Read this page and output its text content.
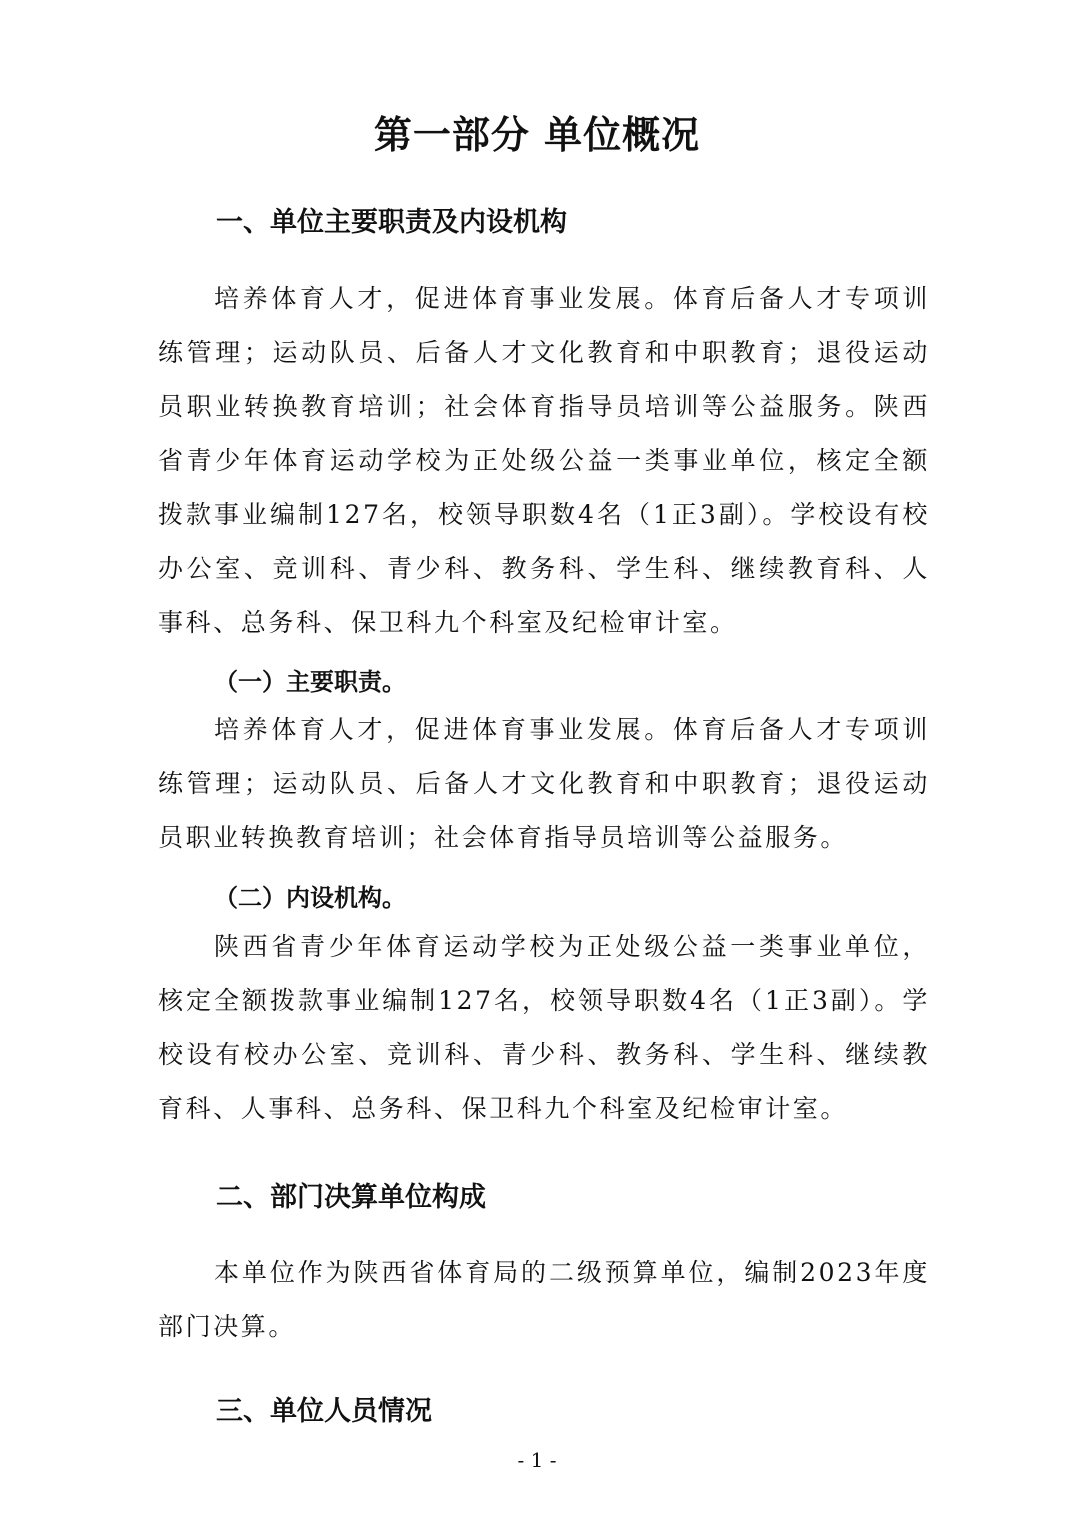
第一部分 单位概况
一、单位主要职责及内设机构

培养体育人才，促进体育事业发展。体育后备人才专项训练管理；运动队员、后备人才文化教育和中职教育；退役运动员职业转换教育培训；社会体育指导员培训等公益服务。陕西省青少年体育运动学校为正处级公益一类事业单位，核定全额拨款事业编制127名，校领导职数4名（1正3副）。学校设有校办公室、竞训科、青少科、教务科、学生科、继续教育科、人事科、总务科、保卫科九个科室及纪检审计室。

（一）主要职责。

培养体育人才，促进体育事业发展。体育后备人才专项训练管理；运动队员、后备人才文化教育和中职教育；退役运动员职业转换教育培训；社会体育指导员培训等公益服务。

（二）内设机构。

陕西省青少年体育运动学校为正处级公益一类事业单位，核定全额拨款事业编制127名，校领导职数4名（1正3副）。学校设有校办公室、竞训科、青少科、教务科、学生科、继续教育科、人事科、总务科、保卫科九个科室及纪检审计室。

二、部门决算单位构成

本单位作为陕西省体育局的二级预算单位，编制2023年度部门决算。

三、单位人员情况

- 1 -
